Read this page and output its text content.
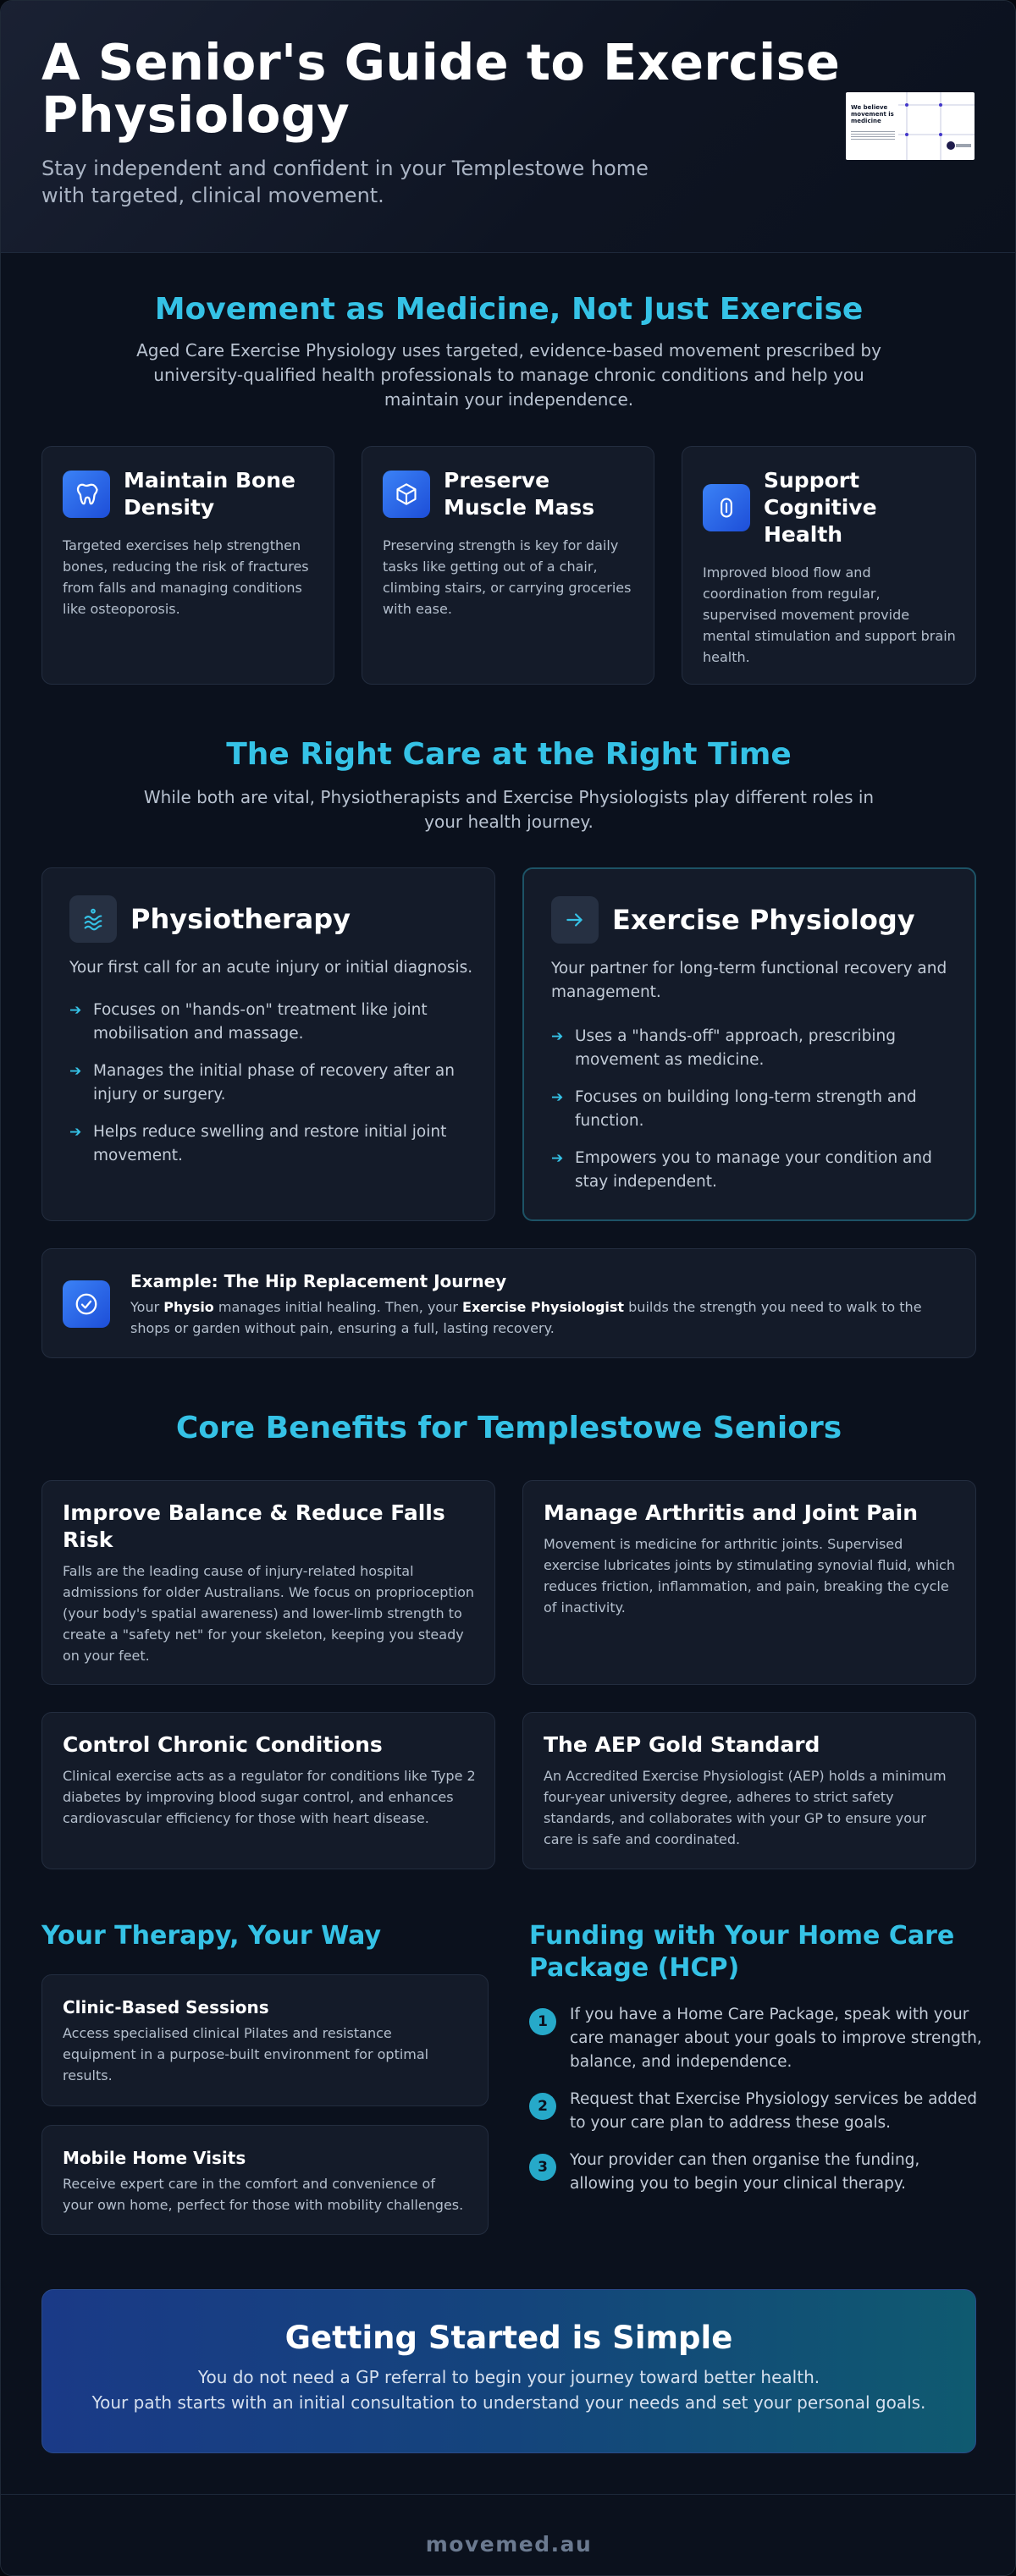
A Senior's Guide to Exercise Physiology

Stay independent and confident in your Templestowe home with targeted, clinical movement.

We believe movement is medicine
Movement as Medicine, Not Just Exercise

Aged Care Exercise Physiology uses targeted, evidence-based movement prescribed by university-qualified health professionals to manage chronic conditions and help you maintain your independence.

Maintain Bone Density

Targeted exercises help strengthen bones, reducing the risk of fractures from falls and managing conditions like osteoporosis.

Preserve Muscle Mass

Preserving strength is key for daily tasks like getting out of a chair, climbing stairs, or carrying groceries with ease.

Support Cognitive Health

Improved blood flow and coordination from regular, supervised movement provide mental stimulation and support brain health.

The Right Care at the Right Time

While both are vital, Physiotherapists and Exercise Physiologists play different roles in your health journey.

Physiotherapy

Your first call for an acute injury or initial diagnosis.

➔ Focuses on "hands-on" treatment like joint mobilisation and massage.
➔ Manages the initial phase of recovery after an injury or surgery.
➔ Helps reduce swelling and restore initial joint movement.
Exercise Physiology

Your partner for long-term functional recovery and management.

➔ Uses a "hands-off" approach, prescribing movement as medicine.
➔ Focuses on building long-term strength and function.
➔ Empowers you to manage your condition and stay independent.
Example: The Hip Replacement Journey

Your Physio manages initial healing. Then, your Exercise Physiologist builds the strength you need to walk to the shops or garden without pain, ensuring a full, lasting recovery.

Core Benefits for Templestowe Seniors
Improve Balance & Reduce Falls Risk

Falls are the leading cause of injury-related hospital admissions for older Australians. We focus on proprioception (your body's spatial awareness) and lower-limb strength to create a "safety net" for your skeleton, keeping you steady on your feet.

Manage Arthritis and Joint Pain

Movement is medicine for arthritic joints. Supervised exercise lubricates joints by stimulating synovial fluid, which reduces friction, inflammation, and pain, breaking the cycle of inactivity.

Control Chronic Conditions

Clinical exercise acts as a regulator for conditions like Type 2 diabetes by improving blood sugar control, and enhances cardiovascular efficiency for those with heart disease.

The AEP Gold Standard

An Accredited Exercise Physiologist (AEP) holds a minimum four-year university degree, adheres to strict safety standards, and collaborates with your GP to ensure your care is safe and coordinated.

Your Therapy, Your Way
Clinic-Based Sessions

Access specialised clinical Pilates and resistance equipment in a purpose-built environment for optimal results.

Mobile Home Visits

Receive expert care in the comfort and convenience of your own home, perfect for those with mobility challenges.

Funding with Your Home Care Package (HCP)
1	If you have a Home Care Package, speak with your care manager about your goals to improve strength, balance, and independence.
2	Request that Exercise Physiology services be added to your care plan to address these goals.
3	Your provider can then organise the funding, allowing you to begin your clinical therapy.
Getting Started is Simple
You do not need a GP referral to begin your journey toward better health.
Your path starts with an initial consultation to understand your needs and set your personal goals.
movemed.au
